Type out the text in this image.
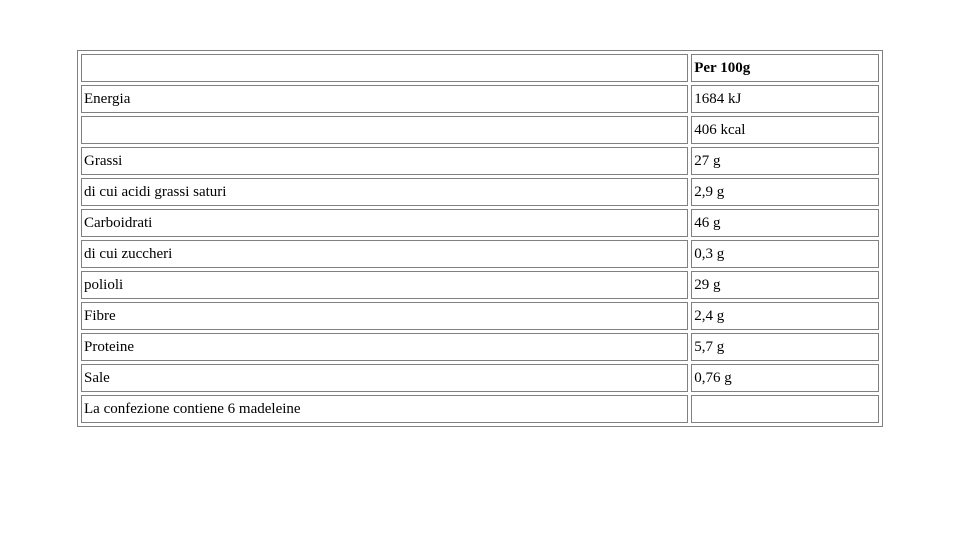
	Per 100g
Energia	1684 kJ
	406 kcal
Grassi	27 g
di cui acidi grassi saturi	2,9 g
Carboidrati	46 g
di cui zuccheri	0,3 g
polioli	29 g
Fibre	2,4 g
Proteine	5,7 g
Sale	0,76 g
La confezione contiene 6 madeleine	
